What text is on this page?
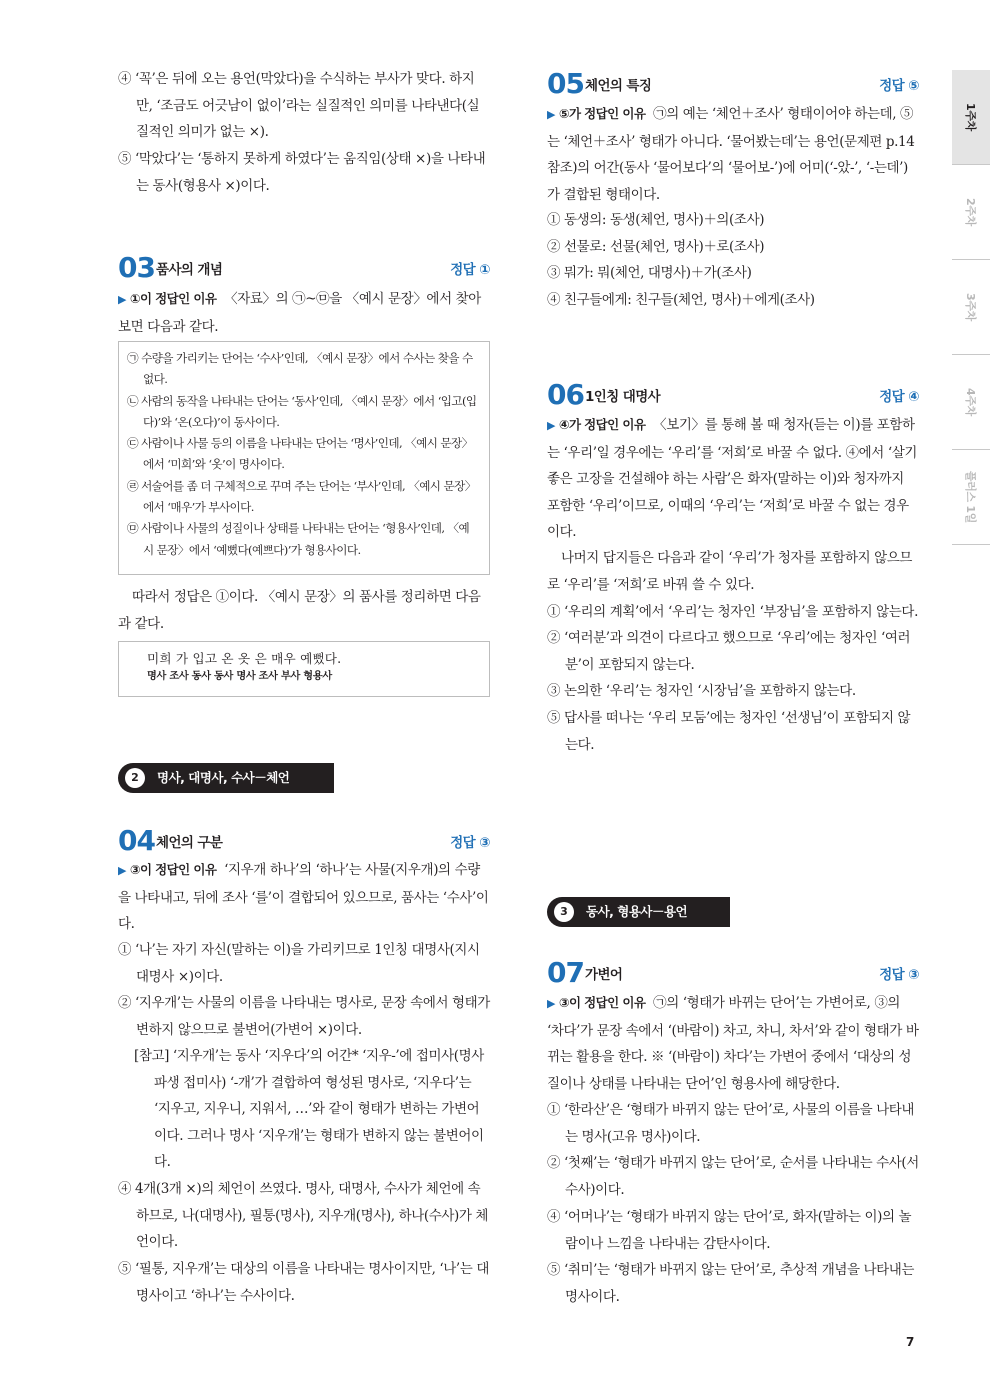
④ ‘꼭’은 뒤에 오는 용언(막았다)을 수식하는 부사가 맞다. 하지만, ‘조금도 어긋남이 없이’라는 실질적인 의미를 나타낸다(실질적인 의미가 없는 ×).

⑤ ‘막았다’는 ‘통하지 못하게 하였다’는 움직임(상태 ×)을 나타내는 동사(형용사 ×)이다.

03 품사의 개념	정답 ①

▶ ①이 정답인 이유 〈자료〉의 ㉠~㉤을 〈예시 문장〉에서 찾아보면 다음과 같다.

㉠ 수량을 가리키는 단어는 ‘수사’인데, 〈예시 문장〉에서 수사는 찾을 수 없다.

㉡ 사람의 동작을 나타내는 단어는 ‘동사’인데, 〈예시 문장〉에서 ‘입고(입다)’와 ‘온(오다)’이 동사이다.

㉢ 사람이나 사물 등의 이름을 나타내는 단어는 ‘명사’인데, 〈예시 문장〉에서 ‘미희’와 ‘옷’이 명사이다.

㉣ 서술어를 좀 더 구체적으로 꾸며 주는 단어는 ‘부사’인데, 〈예시 문장〉에서 ‘매우’가 부사이다.

㉤ 사람이나 사물의 성질이나 상태를 나타내는 단어는 ‘형용사’인데, 〈예시 문장〉에서 ‘예뻤다(예쁘다)’가 형용사이다.

따라서 정답은 ①이다. 〈예시 문장〉의 품사를 정리하면 다음과 같다.

미희 가 입고 온 옷 은 매우 예뻤다.
명사 조사 동사 동사 명사 조사 부사 형용사
2	명사, 대명사, 수사－체언
04 체언의 구분	정답 ③

▶ ③이 정답인 이유 ‘지우개 하나’의 ‘하나’는 사물(지우개)의 수량을 나타내고, 뒤에 조사 ‘를’이 결합되어 있으므로, 품사는 ‘수사’이다.

① ‘나’는 자기 자신(말하는 이)을 가리키므로 1인칭 대명사(지시 대명사 ×)이다.

② ‘지우개’는 사물의 이름을 나타내는 명사로, 문장 속에서 형태가 변하지 않으므로 불변어(가변어 ×)이다.

[참고] ‘지우개’는 동사 ‘지우다’의 어간* ‘지우-’에 접미사(명사 파생 접미사) ‘-개’가 결합하여 형성된 명사로, ‘지우다’는 ‘지우고, 지우니, 지워서, …’와 같이 형태가 변하는 가변어이다. 그러나 명사 ‘지우개’는 형태가 변하지 않는 불변어이다.

④ 4개(3개 ×)의 체언이 쓰였다. 명사, 대명사, 수사가 체언에 속하므로, 나(대명사), 필통(명사), 지우개(명사), 하나(수사)가 체언이다.

⑤ ‘필통, 지우개’는 대상의 이름을 나타내는 명사이지만, ‘나’는 대명사이고 ‘하나’는 수사이다.

05 체언의 특징	정답 ⑤

▶ ⑤가 정답인 이유 ㉠의 예는 ‘체언＋조사’ 형태이어야 하는데, ⑤는 ‘체언＋조사’ 형태가 아니다. ‘물어봤는데’는 용언(문제편 p.14 참조)의 어간(동사 ‘물어보다’의 ‘물어보-’)에 어미(‘-았-’, ‘-는데’)가 결합된 형태이다.

① 동생의: 동생(체언, 명사)＋의(조사)

② 선물로: 선물(체언, 명사)＋로(조사)

③ 뭐가: 뭐(체언, 대명사)＋가(조사)

④ 친구들에게: 친구들(체언, 명사)＋에게(조사)

06 1인칭 대명사	정답 ④

▶ ④가 정답인 이유 〈보기〉를 통해 볼 때 청자(듣는 이)를 포함하는 ‘우리’일 경우에는 ‘우리’를 ‘저희’로 바꿀 수 없다. ④에서 ‘살기 좋은 고장을 건설해야 하는 사람’은 화자(말하는 이)와 청자까지 포함한 ‘우리’이므로, 이때의 ‘우리’는 ‘저희’로 바꿀 수 없는 경우이다.

나머지 답지들은 다음과 같이 ‘우리’가 청자를 포함하지 않으므로 ‘우리’를 ‘저희’로 바꿔 쓸 수 있다.

① ‘우리의 계획’에서 ‘우리’는 청자인 ‘부장님’을 포함하지 않는다.

② ‘여러분’과 의견이 다르다고 했으므로 ‘우리’에는 청자인 ‘여러분’이 포함되지 않는다.

③ 논의한 ‘우리’는 청자인 ‘시장님’을 포함하지 않는다.

⑤ 답사를 떠나는 ‘우리 모둠’에는 청자인 ‘선생님’이 포함되지 않는다.

3	동사, 형용사－용언
07 가변어	정답 ③

▶ ③이 정답인 이유 ㉠의 ‘형태가 바뀌는 단어’는 가변어로, ③의 ‘차다’가 문장 속에서 ‘(바람이) 차고, 차니, 차서’와 같이 형태가 바뀌는 활용을 한다. ※ ‘(바람이) 차다’는 가변어 중에서 ‘대상의 성질이나 상태를 나타내는 단어’인 형용사에 해당한다.

① ‘한라산’은 ‘형태가 바뀌지 않는 단어’로, 사물의 이름을 나타내는 명사(고유 명사)이다.

② ‘첫째’는 ‘형태가 바뀌지 않는 단어’로, 순서를 나타내는 수사(서수사)이다.

④ ‘어머나’는 ‘형태가 바뀌지 않는 단어’로, 화자(말하는 이)의 놀람이나 느낌을 나타내는 감탄사이다.

⑤ ‘취미’는 ‘형태가 바뀌지 않는 단어’로, 추상적 개념을 나타내는 명사이다.

1주차
2주차
3주차
4주차
플러스 1일
7
